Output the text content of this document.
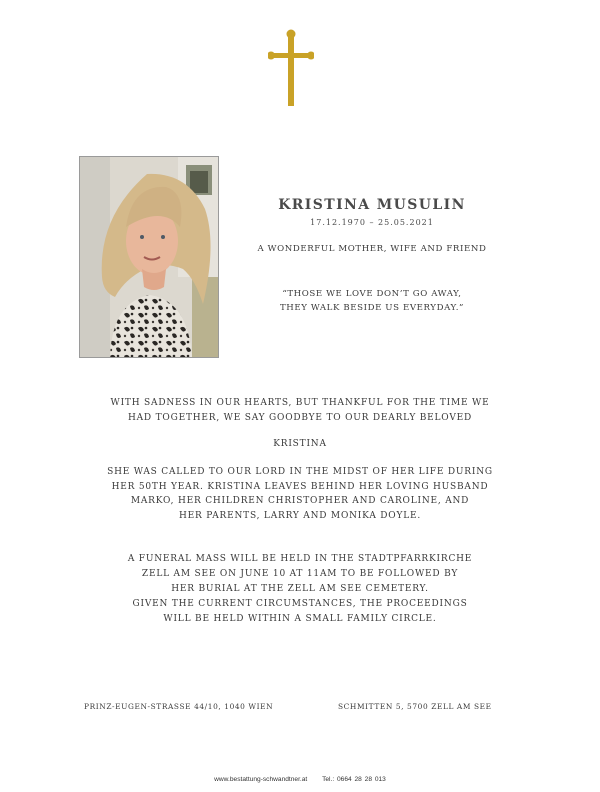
KRISTINA MUSULIN
17.12.1970 – 25.05.2021
A WONDERFUL MOTHER, WIFE AND FRIEND
“THOSE WE LOVE DON’T GO AWAY,
THEY WALK BESIDE US EVERYDAY.”
WITH SADNESS IN OUR HEARTS, BUT THANKFUL FOR THE TIME WE
HAD TOGETHER, WE SAY GOODBYE TO OUR DEARLY BELOVED
KRISTINA
SHE WAS CALLED TO OUR LORD IN THE MIDST OF HER LIFE DURING
HER 50TH YEAR. KRISTINA LEAVES BEHIND HER LOVING HUSBAND
MARKO, HER CHILDREN CHRISTOPHER AND CAROLINE, AND
HER PARENTS, LARRY AND MONIKA DOYLE.
A FUNERAL MASS WILL BE HELD IN THE STADTPFARRKIRCHE
ZELL AM SEE ON JUNE 10 AT 11AM TO BE FOLLOWED BY
HER BURIAL AT THE ZELL AM SEE CEMETERY.
GIVEN THE CURRENT CIRCUMSTANCES, THE PROCEEDINGS
WILL BE HELD WITHIN A SMALL FAMILY CIRCLE.
PRINZ-EUGEN-STRASSE 44/10, 1040 WIEN	SCHMITTEN 5, 5700 ZELL AM SEE
www.bestattung-schwandtner.at Tel.: 0664 28 28 013
